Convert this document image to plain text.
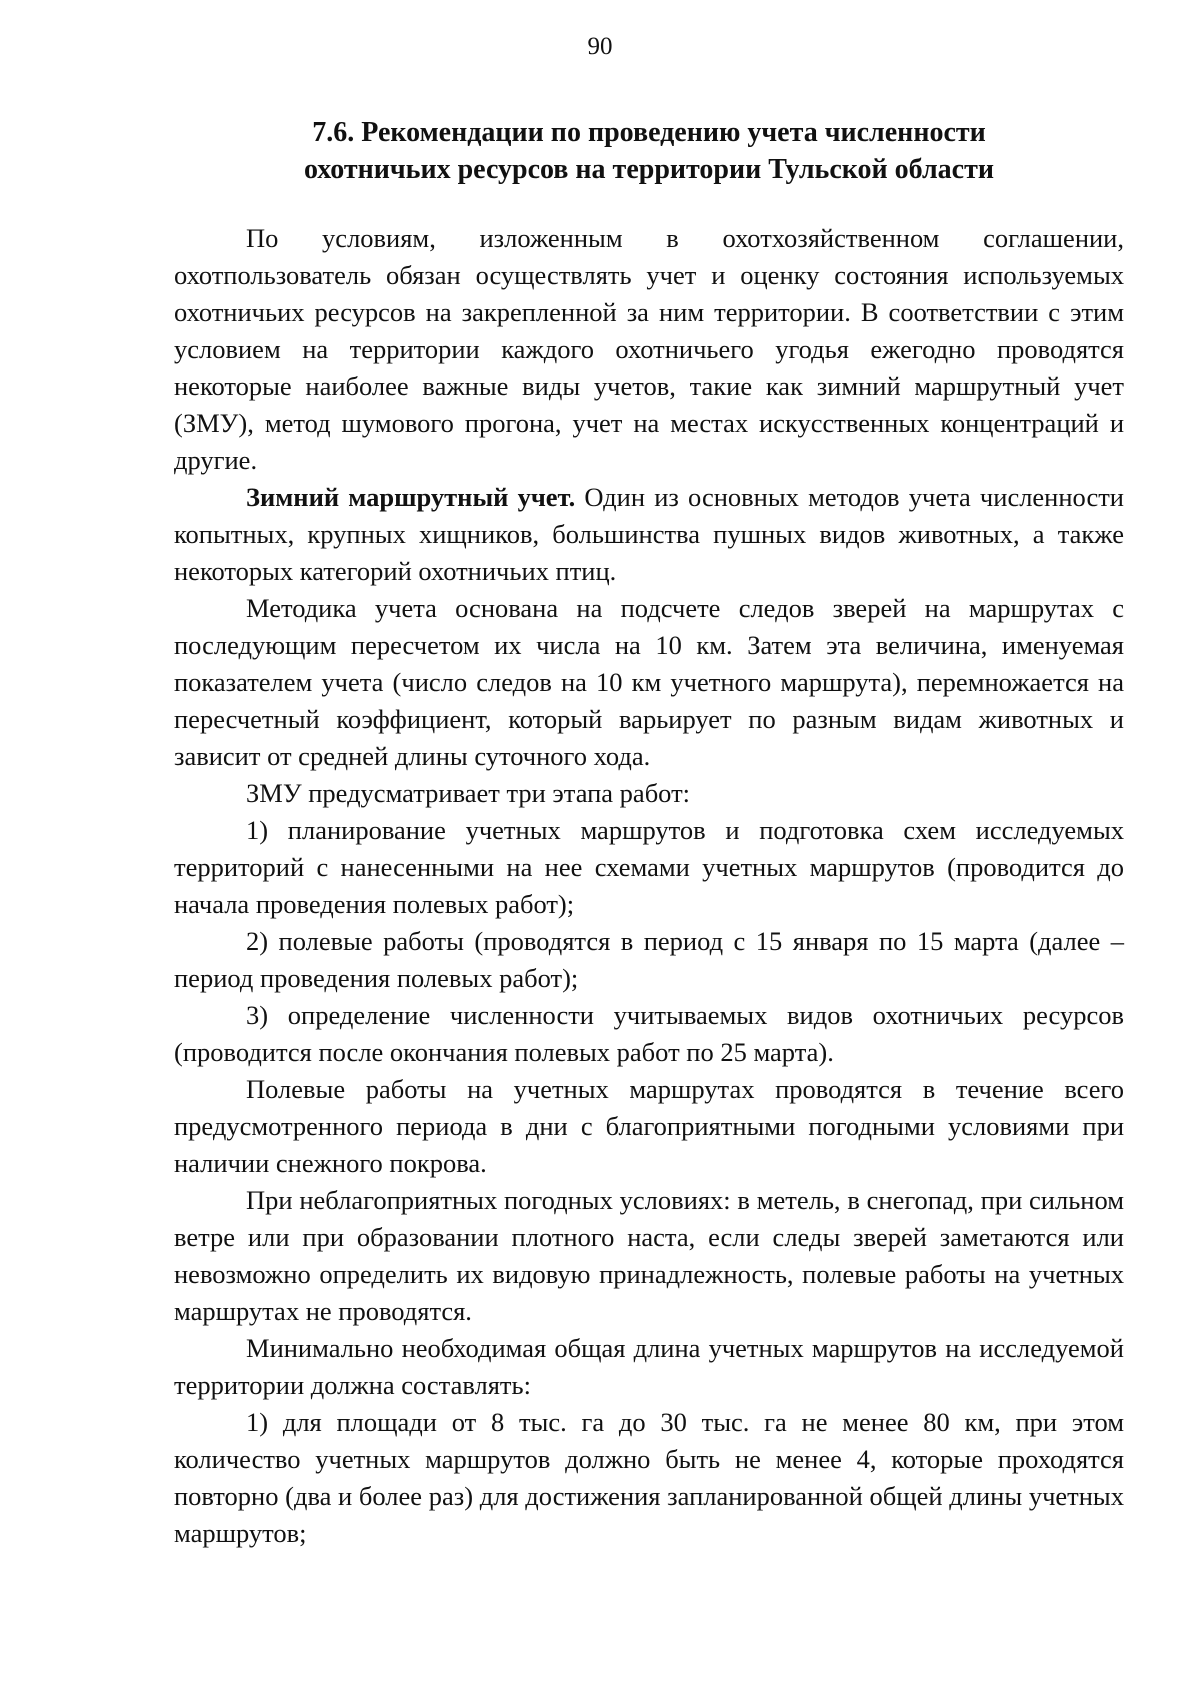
90
7.6. Рекомендации по проведению учета численности
охотничьих ресурсов на территории Тульской области

По условиям, изложенным в охотхозяйственном соглашении, охотпользователь обязан осуществлять учет и оценку состояния используемых охотничьих ресурсов на закрепленной за ним территории. В соответствии с этим условием на территории каждого охотничьего угодья ежегодно проводятся некоторые наиболее важные виды учетов, такие как зимний маршрутный учет (ЗМУ), метод шумового прогона, учет на местах искусственных концентраций и другие.

Зимний маршрутный учет. Один из основных методов учета численности копытных, крупных хищников, большинства пушных видов животных, а также некоторых категорий охотничьих птиц.

Методика учета основана на подсчете следов зверей на маршрутах с последующим пересчетом их числа на 10 км. Затем эта величина, именуемая показателем учета (число следов на 10 км учетного маршрута), перемножается на пересчетный коэффициент, который варьирует по разным видам животных и зависит от средней длины суточного хода.

ЗМУ предусматривает три этапа работ:

1) планирование учетных маршрутов и подготовка схем исследуемых территорий с нанесенными на нее схемами учетных маршрутов (проводится до начала проведения полевых работ);

2) полевые работы (проводятся в период с 15 января по 15 марта (далее – период проведения полевых работ);

3) определение численности учитываемых видов охотничьих ресурсов (проводится после окончания полевых работ по 25 марта).

Полевые работы на учетных маршрутах проводятся в течение всего предусмотренного периода в дни с благоприятными погодными условиями при наличии снежного покрова.

При неблагоприятных погодных условиях: в метель, в снегопад, при сильном ветре или при образовании плотного наста, если следы зверей заметаются или невозможно определить их видовую принадлежность, полевые работы на учетных маршрутах не проводятся.

Минимально необходимая общая длина учетных маршрутов на исследуемой территории должна составлять:

1) для площади от 8 тыс. га до 30 тыс. га не менее 80 км, при этом количество учетных маршрутов должно быть не менее 4, которые проходятся повторно (два и более раз) для достижения запланированной общей длины учетных маршрутов;
